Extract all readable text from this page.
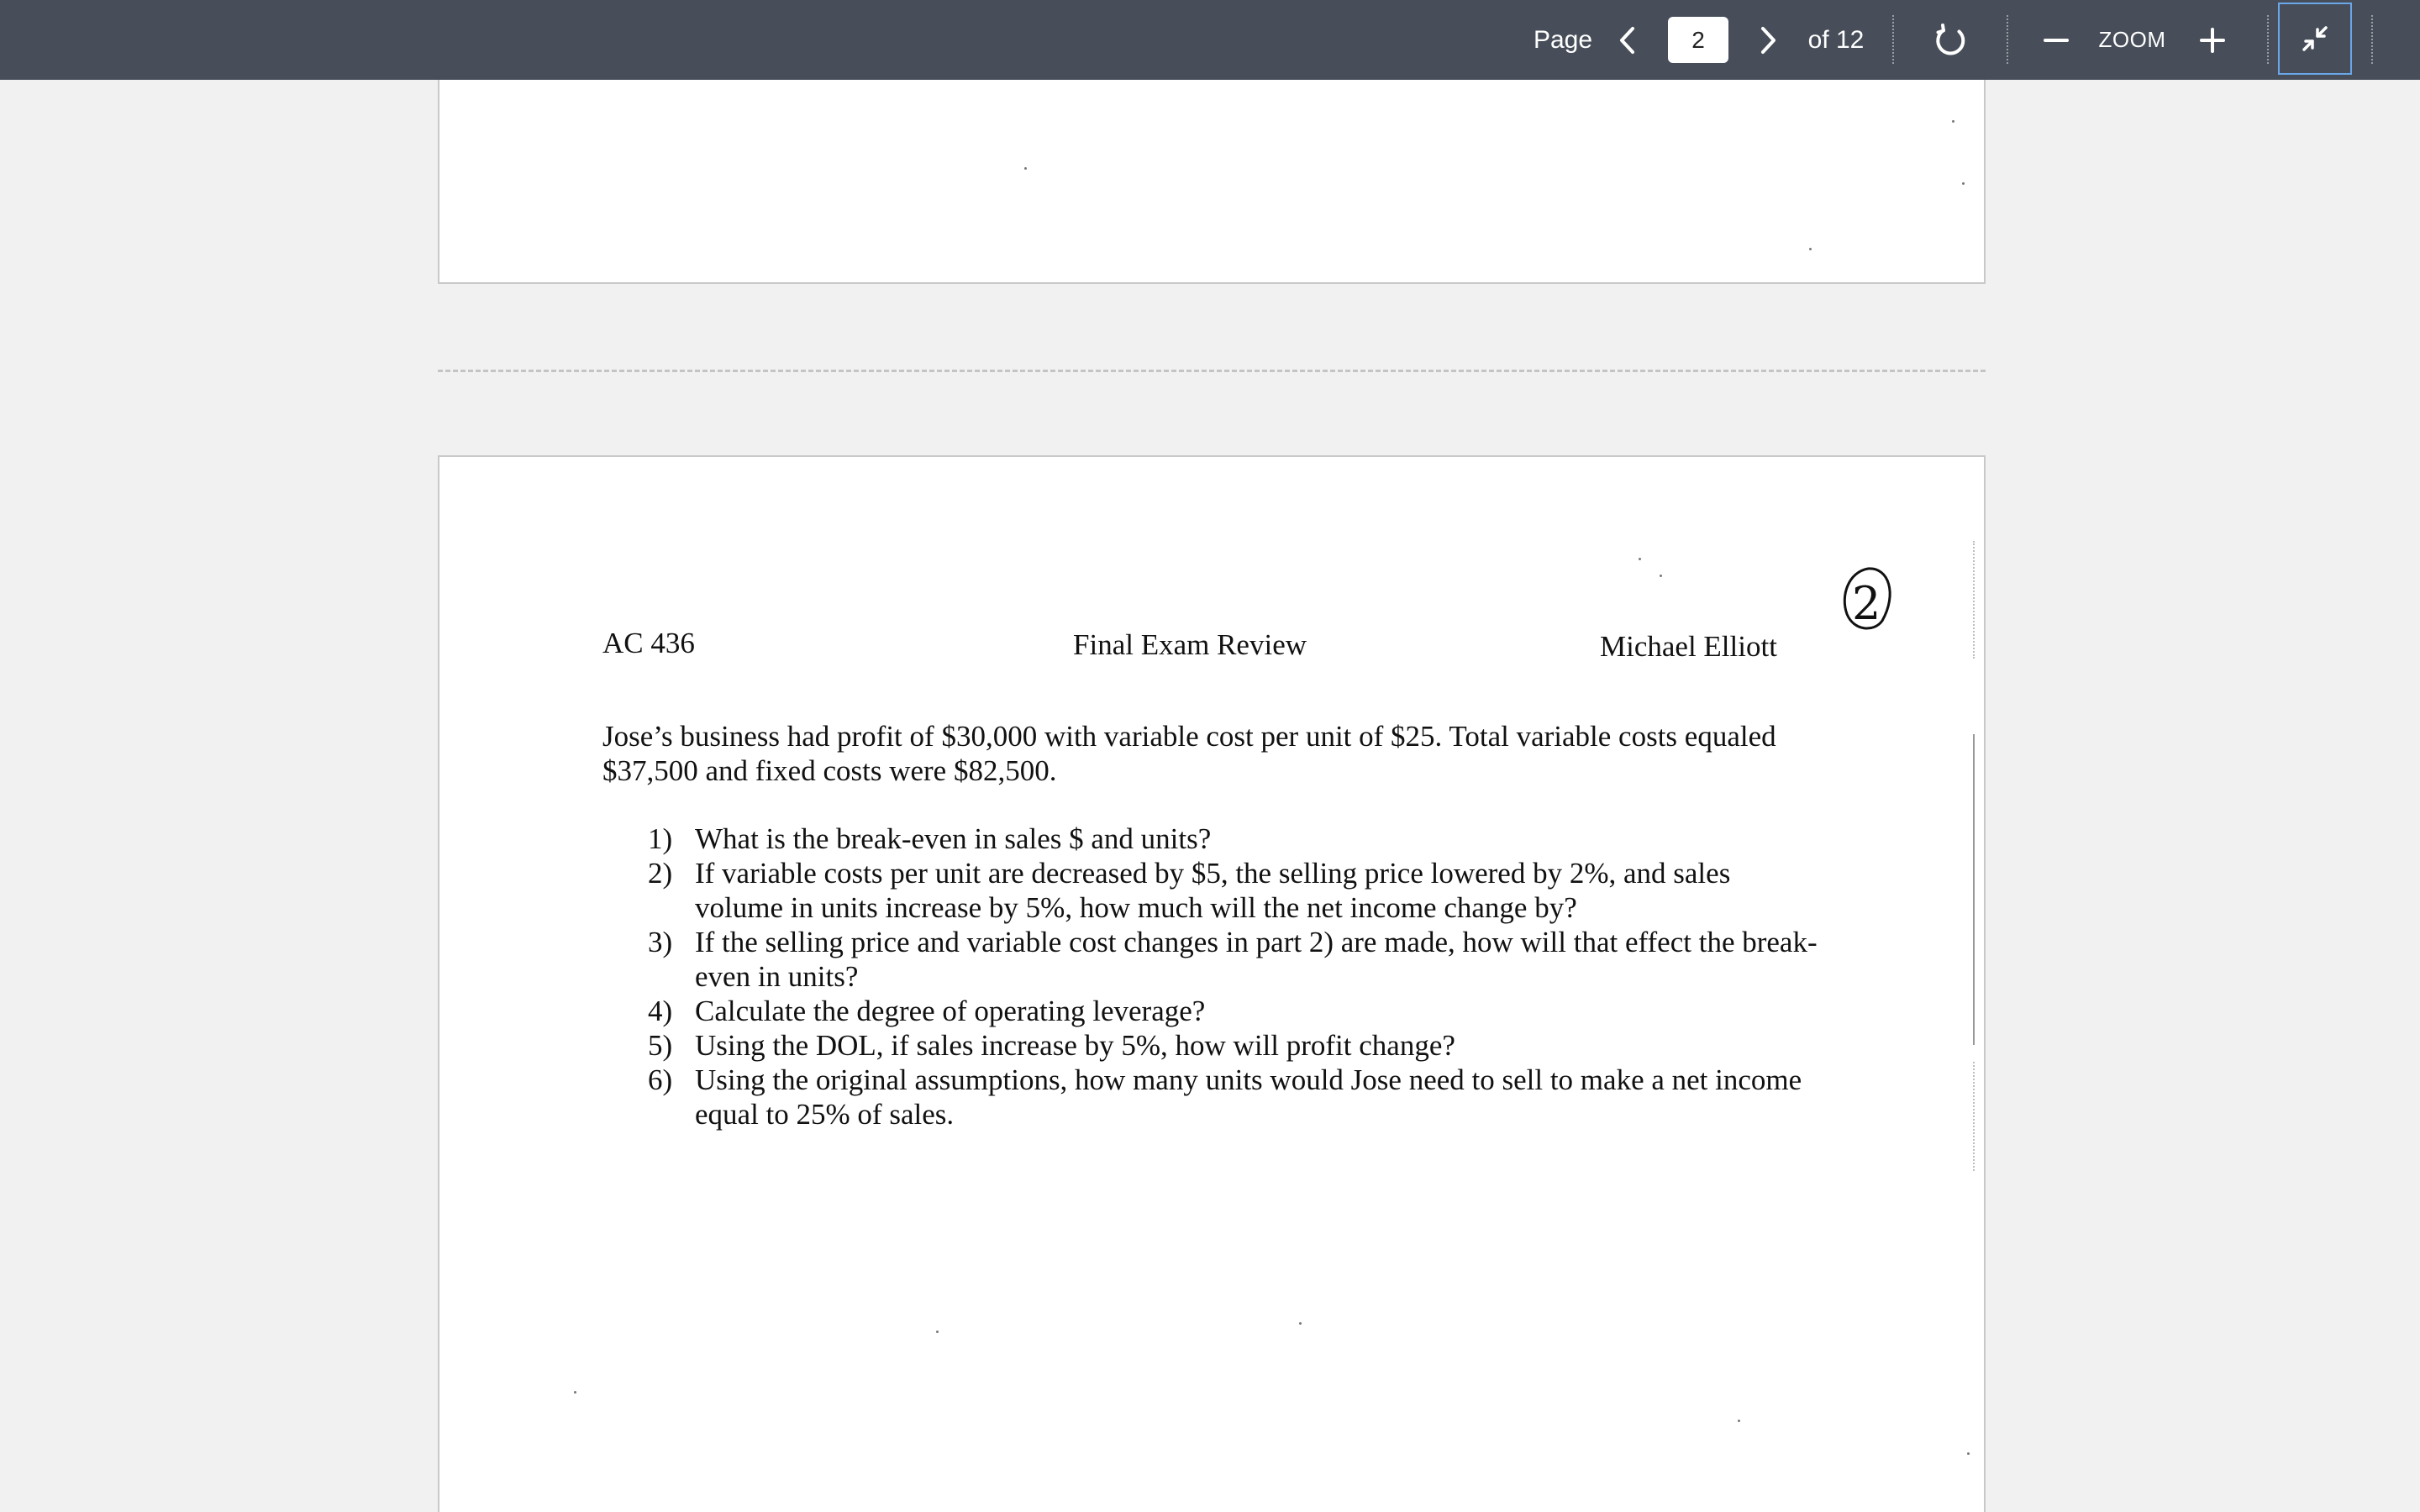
Page
2	of 12	ZOOM
AC 436	Final Exam Review	Michael Elliott
2
Jose’s business had profit of $30,000 with variable cost per unit of $25. Total variable costs equaled $37,500 and fixed costs were $82,500.
1) What is the break-even in sales $ and units?
2) If variable costs per unit are decreased by $5, the selling price lowered by 2%, and sales volume in units increase by 5%, how much will the net income change by?
3) If the selling price and variable cost changes in part 2) are made, how will that effect the break-even in units?
4) Calculate the degree of operating leverage?
5) Using the DOL, if sales increase by 5%, how will profit change?
6) Using the original assumptions, how many units would Jose need to sell to make a net income equal to 25% of sales.
